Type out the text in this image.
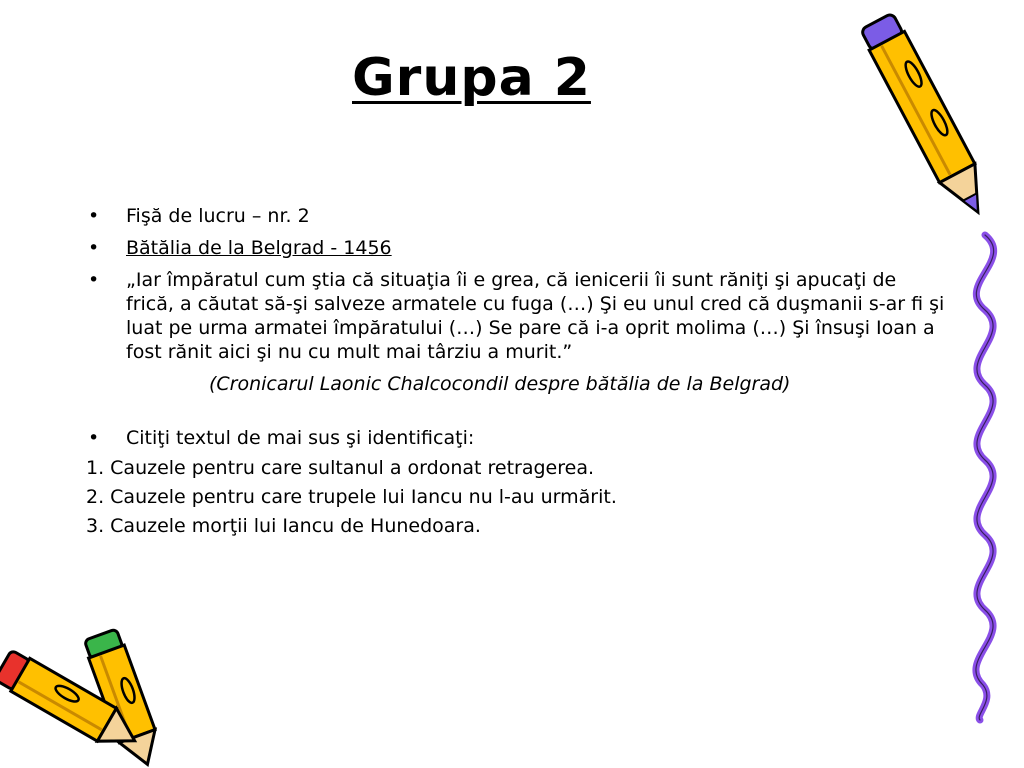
Grupa 2
• Fişă de lucru – nr. 2
• Bătălia de la Belgrad - 1456
• „Iar împăratul cum ştia că situaţia îi e grea, că ienicerii îi sunt răniţi şi apucaţi de frică, a căutat să-şi salveze armatele cu fuga (…) Şi eu unul cred că duşmanii s-ar fi şi luat pe urma armatei împăratului (…) Se pare că i-a oprit molima (…) Şi însuşi Ioan a fost rănit aici şi nu cu mult mai târziu a murit.”
(Cronicarul Laonic Chalcocondil despre bătălia de la Belgrad)
• Citiţi textul de mai sus şi identificaţi:
1. Cauzele pentru care sultanul a ordonat retragerea.
2. Cauzele pentru care trupele lui Iancu nu l-au urmărit.
3. Cauzele morţii lui Iancu de Hunedoara.
